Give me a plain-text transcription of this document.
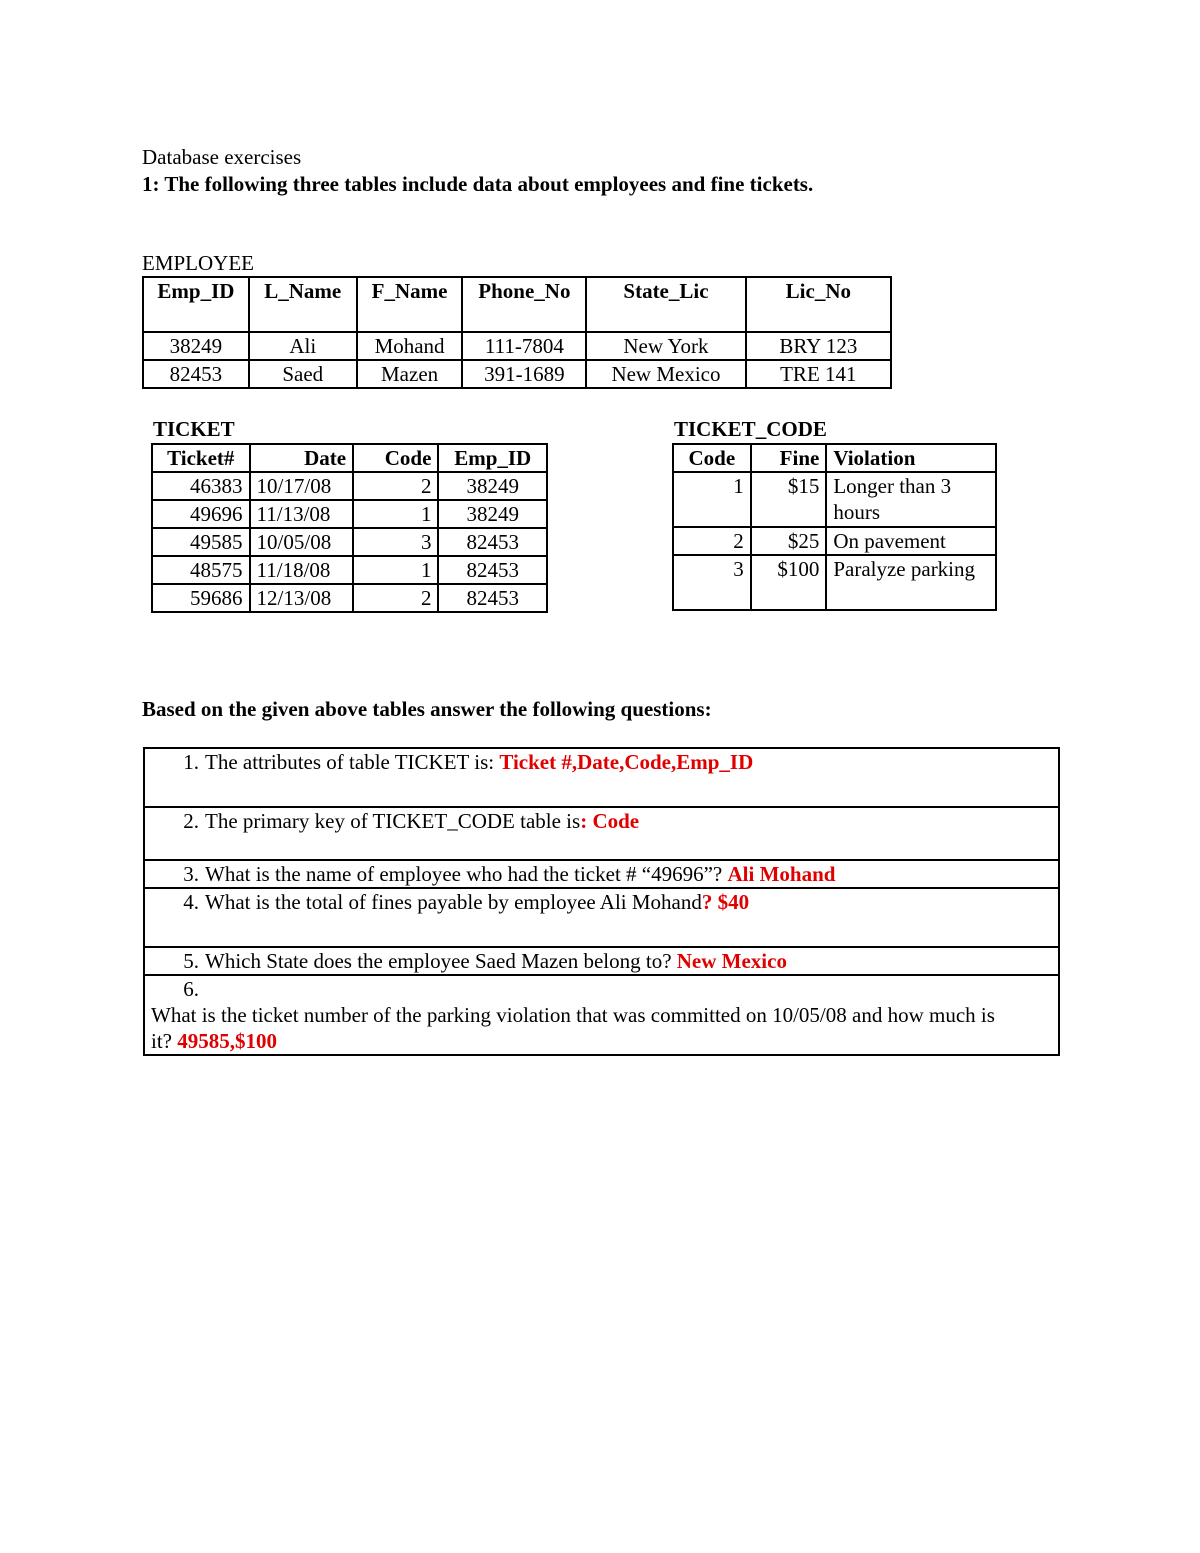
Database exercises
1: The following three tables include data about employees and fine tickets.
EMPLOYEE
Emp_ID	L_Name	F_Name	Phone_No	State_Lic	Lic_No
38249	Ali	Mohand	111-7804	New York	BRY 123
82453	Saed	Mazen	391-1689	New Mexico	TRE 141
TICKET
Ticket#	Date	Code	Emp_ID
46383	10/17/08	2	38249
49696	11/13/08	1	38249
49585	10/05/08	3	82453
48575	11/18/08	1	82453
59686	12/13/08	2	82453
TICKET_CODE
Code	Fine	Violation
1	$15	Longer than 3 hours
2	$25	On pavement
3	$100	Paralyze parking
Based on the given above tables answer the following questions:
1. The attributes of table TICKET is: Ticket #,Date,Code,Emp_ID
2. The primary key of TICKET_CODE table is: Code
3. What is the name of employee who had the ticket # “49696”? Ali Mohand
4. What is the total of fines payable by employee Ali Mohand? $40
5. Which State does the employee Saed Mazen belong to? New Mexico
6.What is the ticket number of the parking violation that was committed on 10/05/08 and how much is it? 49585,$100
